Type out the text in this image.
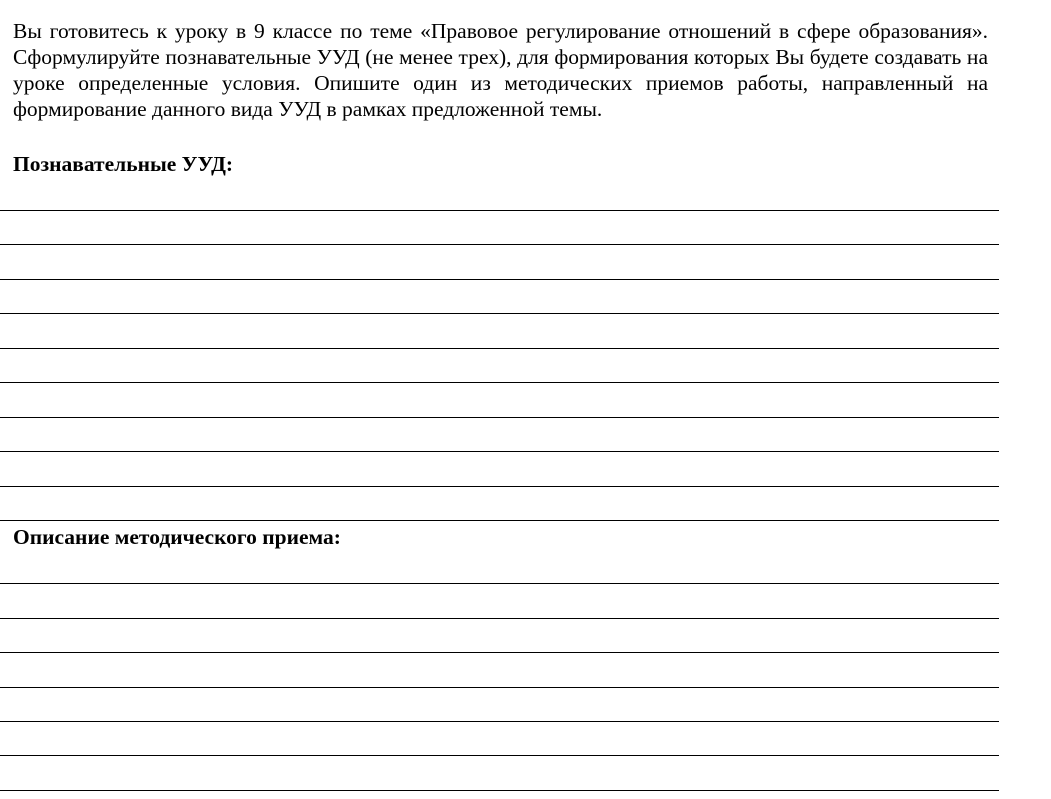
Вы готовитесь к уроку в 9 классе по теме «Правовое регулирование отношений в сфере образования». Сформулируйте познавательные УУД (не менее трех), для формирования которых Вы будете создавать на уроке определенные условия. Опишите один из методических приемов работы, направленный на формирование данного вида УУД в рамках предложенной темы.

Познавательные УУД:
Описание методического приема:
